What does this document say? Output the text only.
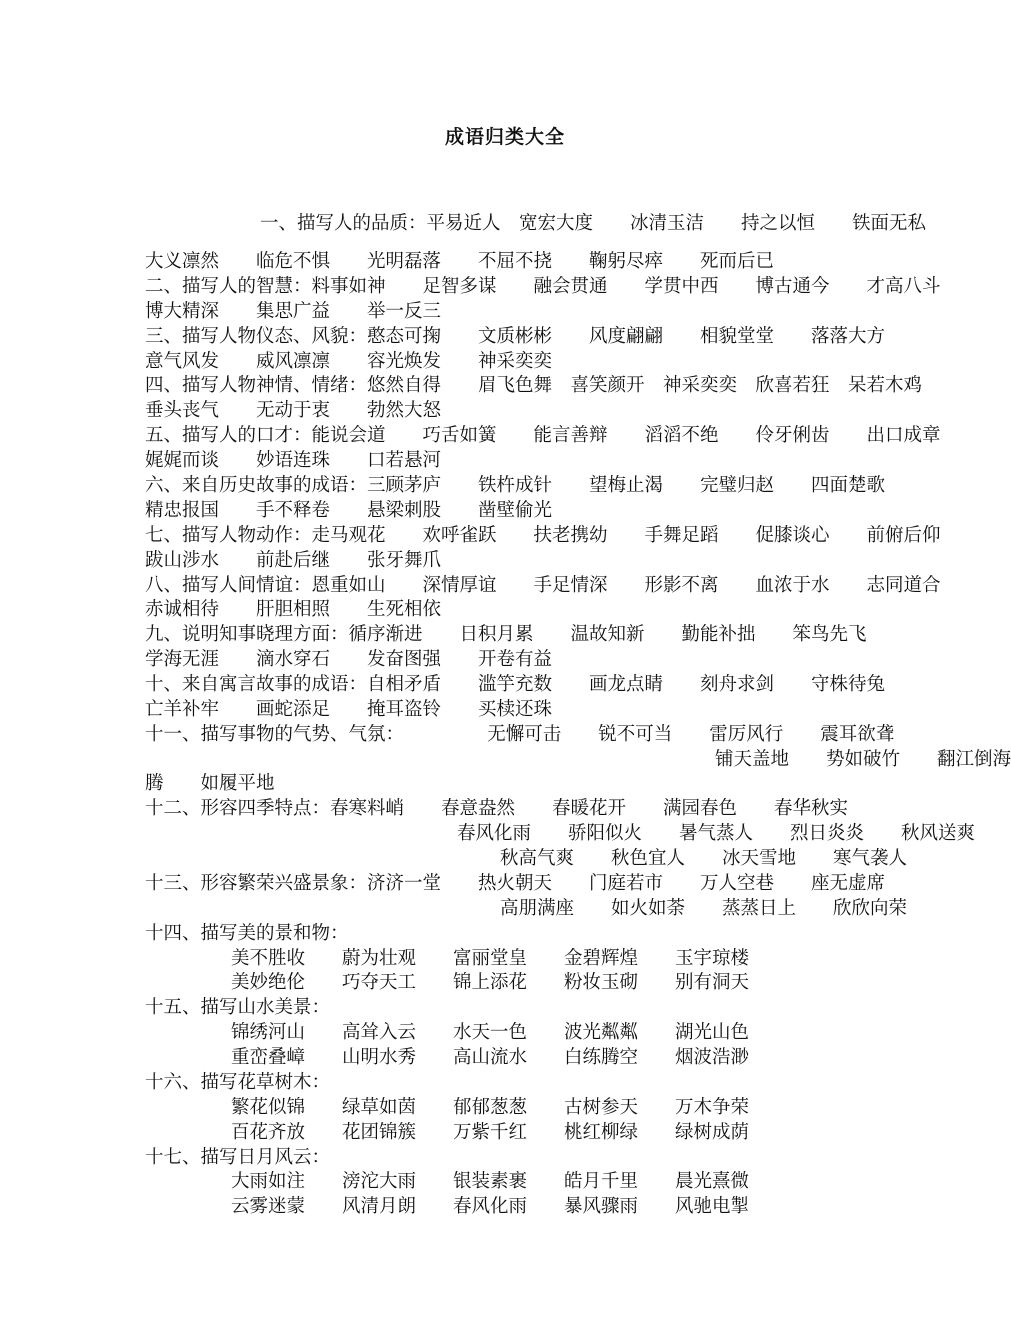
成语归类大全
一、描写人的品质：平易近人　宽宏大度　　冰清玉洁　　持之以恒　　铁面无私
大义凛然　　临危不惧　　光明磊落　　不屈不挠　　鞠躬尽瘁　　死而后已
二、描写人的智慧：料事如神　　足智多谋　　融会贯通　　学贯中西　　博古通今　　才高八斗
博大精深　　集思广益　　举一反三
三、描写人物仪态、风貌：憨态可掬　　文质彬彬　　风度翩翩　　相貌堂堂　　落落大方
意气风发　　威风凛凛　　容光焕发　　神采奕奕
四、描写人物神情、情绪：悠然自得　　眉飞色舞　喜笑颜开　神采奕奕　欣喜若狂　呆若木鸡
垂头丧气　　无动于衷　　勃然大怒
五、描写人的口才：能说会道　　巧舌如簧　　能言善辩　　滔滔不绝　　伶牙俐齿　　出口成章
娓娓而谈　　妙语连珠　　口若悬河
六、来自历史故事的成语：三顾茅庐　　铁杵成针　　望梅止渴　　完璧归赵　　四面楚歌
精忠报国　　手不释卷　　悬梁刺股　　凿壁偷光
七、描写人物动作：走马观花　　欢呼雀跃　　扶老携幼　　手舞足蹈　　促膝谈心　　前俯后仰
跋山涉水　　前赴后继　　张牙舞爪
八、描写人间情谊：恩重如山　　深情厚谊　　手足情深　　形影不离　　血浓于水　　志同道合
赤诚相待　　肝胆相照　　生死相依
九、说明知事晓理方面：循序渐进　　日积月累　　温故知新　　勤能补拙　　笨鸟先飞
学海无涯　　滴水穿石　　发奋图强　　开卷有益
十、来自寓言故事的成语：自相矛盾　　滥竽充数　　画龙点睛　　刻舟求剑　　守株待兔
亡羊补牢　　画蛇添足　　掩耳盗铃　　买椟还珠
十一、描写事物的气势、气氛：　　　　　无懈可击　　锐不可当　　雷厉风行　　震耳欲聋
铺天盖地　　势如破竹　　翻江倒海
腾　　如履平地
十二、形容四季特点：春寒料峭　　春意盎然　　春暖花开　　满园春色　　春华秋实
春风化雨　　骄阳似火　　暑气蒸人　　烈日炎炎　　秋风送爽
秋高气爽　　秋色宜人　　冰天雪地　　寒气袭人
十三、形容繁荣兴盛景象：济济一堂　　热火朝天　　门庭若市　　万人空巷　　座无虚席
高朋满座　　如火如荼　　蒸蒸日上　　欣欣向荣
十四、描写美的景和物：
美不胜收　　蔚为壮观　　富丽堂皇　　金碧辉煌　　玉宇琼楼
美妙绝伦　　巧夺天工　　锦上添花　　粉妆玉砌　　别有洞天
十五、描写山水美景：
锦绣河山　　高耸入云　　水天一色　　波光粼粼　　湖光山色
重峦叠嶂　　山明水秀　　高山流水　　白练腾空　　烟波浩渺
十六、描写花草树木：
繁花似锦　　绿草如茵　　郁郁葱葱　　古树参天　　万木争荣
百花齐放　　花团锦簇　　万紫千红　　桃红柳绿　　绿树成荫
十七、描写日月风云：
大雨如注　　滂沱大雨　　银装素裹　　皓月千里　　晨光熹微
云雾迷蒙　　风清月朗　　春风化雨　　暴风骤雨　　风驰电掣
